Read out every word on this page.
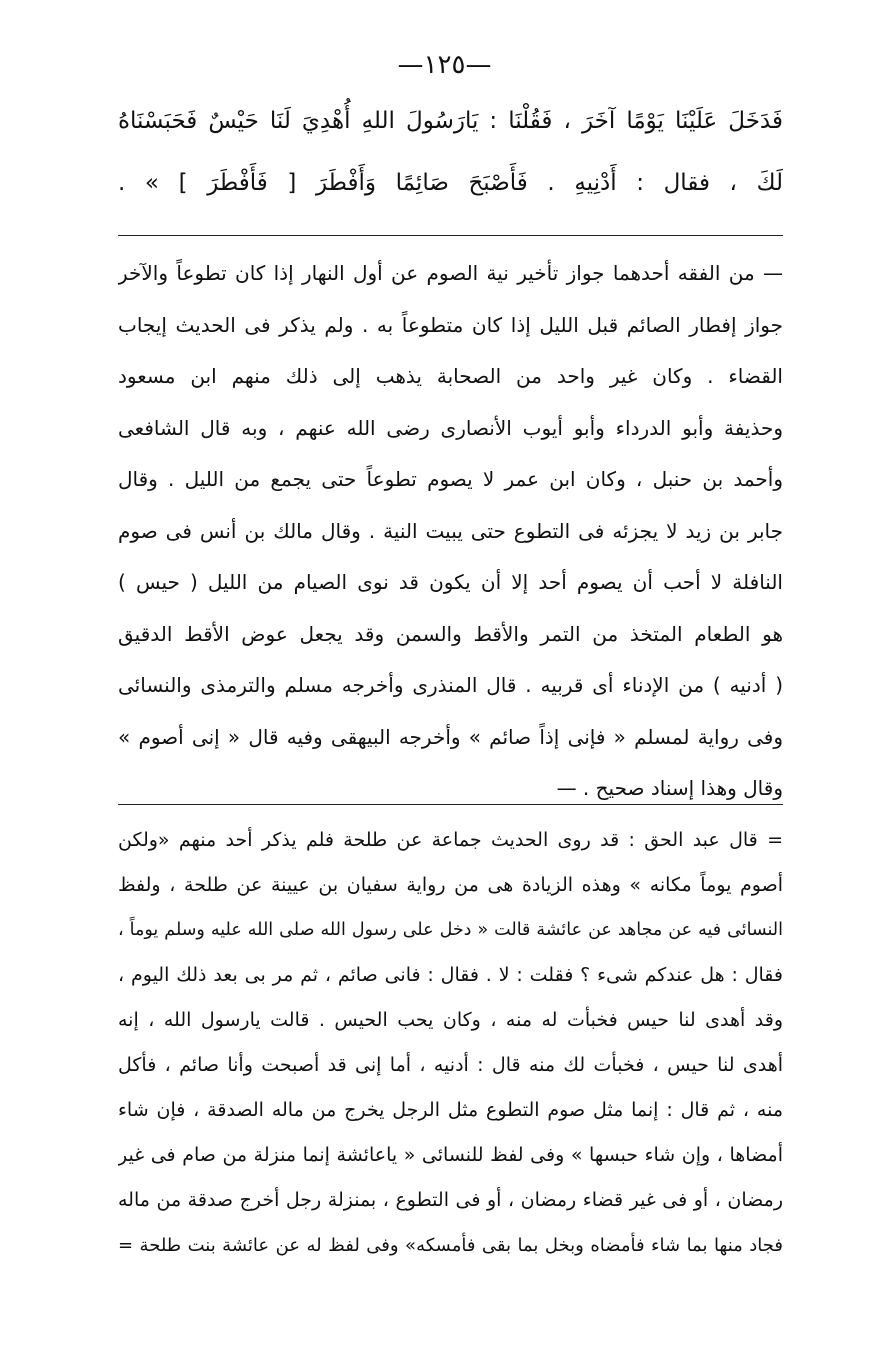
—١٢٥—
فَدَخَلَ عَلَيْنَا يَوْمًا آخَرَ ، فَقُلْنَا : يَارَسُولَ اللهِ أُهْدِيَ لَنَا حَيْسٌ فَحَبَسْنَاهُ
لَكَ ، فقال : أَدْنِيهِ . فَأَصْبَحَ صَائِمًا وَأَفْطَرَ [ فَأَفْطَرَ ] » .
— من الفقه أحدهما جواز تأخير نية الصوم عن أول النهار إذا كان تطوعاً والآخر
جواز إفطار الصائم قبل الليل إذا كان متطوعاً به . ولم يذكر فى الحديث إيجاب
القضاء . وكان غير واحد من الصحابة يذهب إلى ذلك منهم ابن مسعود
وحذيفة وأبو الدرداء وأبو أيوب الأنصارى رضى الله عنهم ، وبه قال الشافعى
وأحمد بن حنبل ، وكان ابن عمر لا يصوم تطوعاً حتى يجمع من الليل . وقال
جابر بن زيد لا يجزئه فى التطوع حتى يبيت النية . وقال مالك بن أنس فى صوم
النافلة لا أحب أن يصوم أحد إلا أن يكون قد نوى الصيام من الليل ( حيس )
هو الطعام المتخذ من التمر والأقط والسمن وقد يجعل عوض الأقط الدقيق
( أدنيه ) من الإدناء أى قربيه . قال المنذرى وأخرجه مسلم والترمذى والنسائى
وفى رواية لمسلم « فإنى إذاً صائم » وأخرجه البيهقى وفيه قال « إنى أصوم »
وقال وهذا إسناد صحيح . —
= قال عبد الحق : قد روى الحديث جماعة عن طلحة فلم يذكر أحد منهم «ولكن
أصوم يوماً مكانه » وهذه الزيادة هى من رواية سفيان بن عيينة عن طلحة ، ولفظ
النسائى فيه عن مجاهد عن عائشة قالت « دخل على رسول الله صلى الله عليه وسلم يوماً ،
فقال : هل عندكم شىء ؟ فقلت : لا . فقال : فانى صائم ، ثم مر بى بعد ذلك اليوم ،
وقد أهدى لنا حيس فخبأت له منه ، وكان يحب الحيس . قالت يارسول الله ، إنه
أهدى لنا حيس ، فخبأت لك منه قال : أدنيه ، أما إنى قد أصبحت وأنا صائم ، فأكل
منه ، ثم قال : إنما مثل صوم التطوع مثل الرجل يخرج من ماله الصدقة ، فإن شاء
أمضاها ، وإن شاء حبسها » وفى لفظ للنسائى « ياعائشة إنما منزلة من صام فى غير
رمضان ، أو فى غير قضاء رمضان ، أو فى التطوع ، بمنزلة رجل أخرج صدقة من ماله
فجاد منها بما شاء فأمضاه وبخل بما بقى فأمسكه» وفى لفظ له عن عائشة بنت طلحة =
